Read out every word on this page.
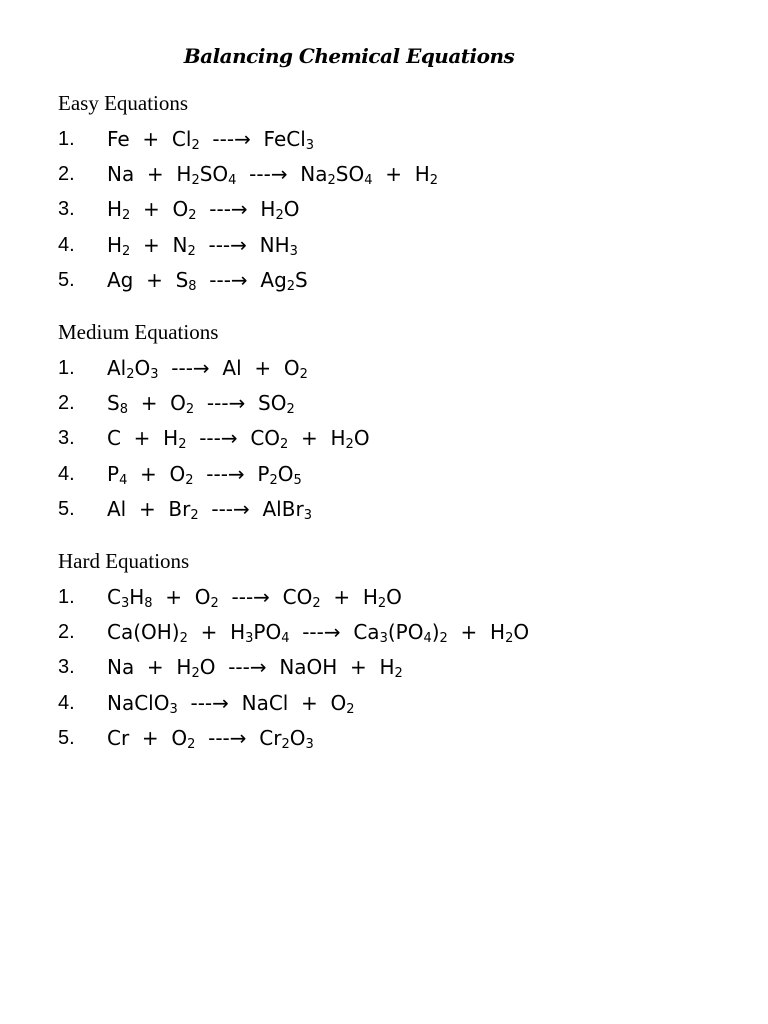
Balancing Chemical Equations
Easy Equations
1. $Fe + Cl_2$  ---→  FeCl$_3$
2. $Na + H_2SO_4$  ---→  $Na_2SO_4 + H_2$
3. $H_2 + O_2$  ---→  $H_2O$
4. $H_2 + N_2$  ---→  $NH_3$
5. $Ag + S_8$  ---→  $Ag_2S$
Medium Equations
1. $Al_2O_3$  ---→  $Al + O_2$
2. $S_8 + O_2$  ---→  $SO_2$
3. $C + H_2$  ---→  $CO_2 + H_2O$
4. $P_4 + O_2$  ---→  $P_2O_5$
5. $Al + Br_2$  ---→  AlBr$_3$
Hard Equations
1. $C_3H_8 + O_2$  ---→  $CO_2 + H_2O$
2. $Ca(OH)_2 + H_3PO_4$  ---→  $Ca_3(PO_4)_2 + H_2O$
3. $Na + H_2O$  ---→  NaOH  +  $H_2$
4. NaClO$_3$  ---→  NaCl  +  $O_2$
5. $Cr + O_2$  ---→  $Cr_2O_3$
